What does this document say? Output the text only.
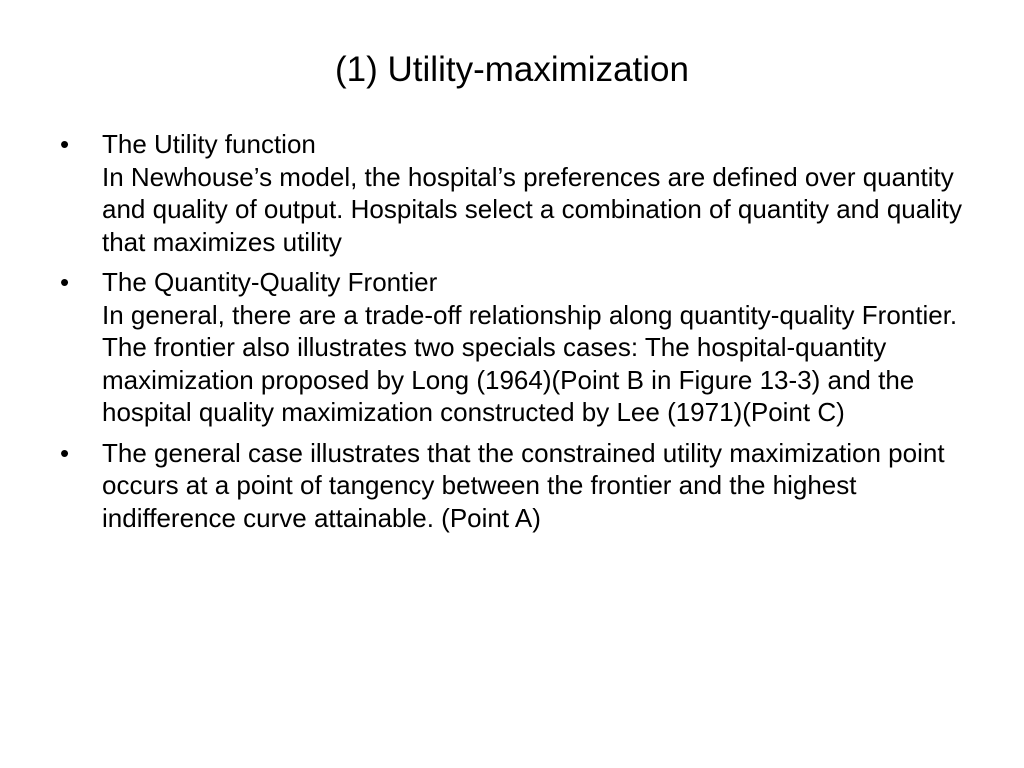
(1) Utility-maximization
•	The Utility function
In Newhouse’s model, the hospital’s preferences are defined over quantity and quality of output. Hospitals select a combination of quantity and quality that maximizes utility
•	The Quantity-Quality Frontier
In general, there are a trade-off relationship along quantity-quality Frontier. The frontier also illustrates two specials cases: The hospital-quantity maximization proposed by Long (1964)(Point B in Figure 13-3) and the hospital quality maximization constructed by Lee (1971)(Point C)
•	The general case illustrates that the constrained utility maximization point occurs at a point of tangency between the frontier and the highest indifference curve attainable. (Point A)
